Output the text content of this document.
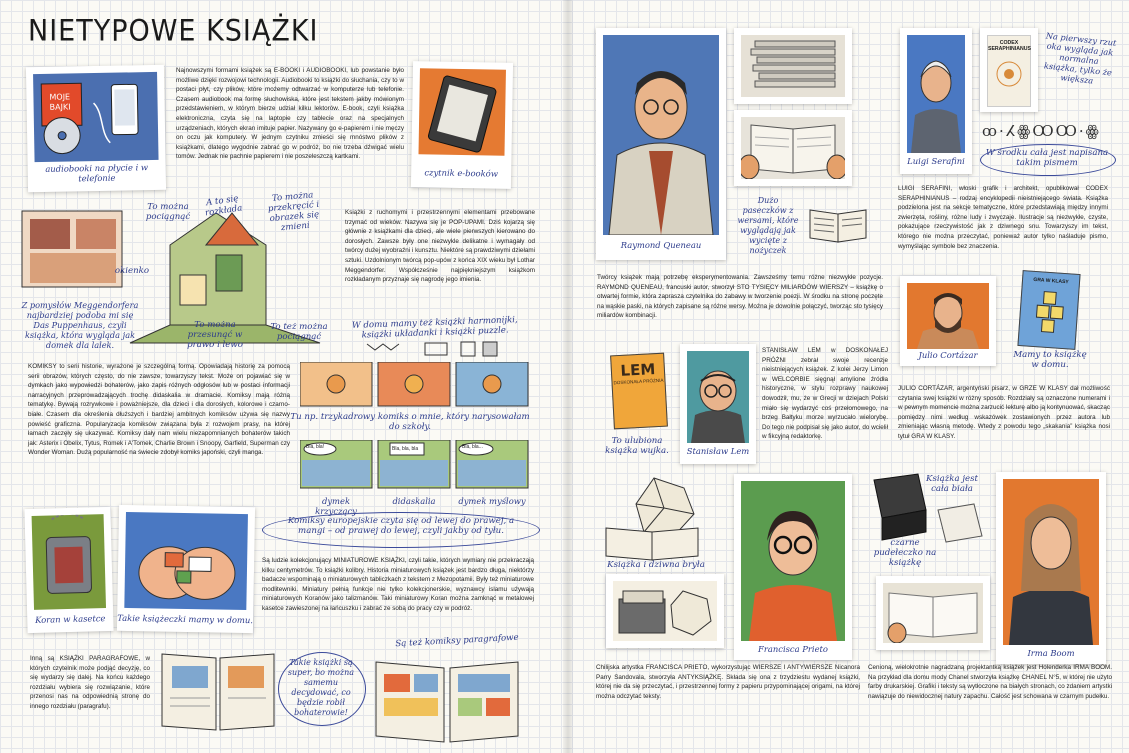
NIETYPOWE KSIĄŻKI
MOJE
BAJKI
audiobooki na płycie i w telefonie
Najnowszymi formami książek są E-BOOKI i AUDIOBOOKI, lub powstanie było możliwe dzięki rozwojowi technologii. Audiobooki to książki do słuchania, czy to w postaci płyt, czy plików, które możemy odtwarzać w komputerze lub telefonie. Czasem audiobook ma formę słuchowiska, które jest tekstem jakby mówionym przedstawieniem, w którym bierze udział kilku lektorów. E-book, czyli książka elektroniczna, czyta się na laptopie czy tablecie oraz na specjalnych urządzeniach, których ekran imituje papier. Nazywany go e-papierem i nie męczy on oczu jak komputery. W jednym czytniku zmieści się mnóstwo plików z książkami, dlatego wygodnie zabrać go w podróż, bo nie trzeba dźwigać wielu tomów. Jednak nie pachnie papierem i nie poszeleszczą kartkami.
czytnik e-booków
To można pociągnąć
A to się rozkłada
To można przekręcić i obrazek się zmieni
okienko
To można przesunąć w prawo i lewo
To też można pociągnąć
Z pomysłów Meggendorfera najbardziej podoba mi się Das Puppenhaus, czyli książka, która wygląda jak domek dla lalek.
Książki z ruchomymi i przestrzennymi elementami przebowane trzymać od wieków. Nazywa się je POP-UPAMI. Dziś kojarzą się głównie z książkami dla dzieci, ale wiele pierwszych kierowano do dorosłych. Zawsze były one niezwykle delikatne i wymagały od twórcy dużej wyobraźni i kunsztu. Niektóre są prawdziwymi dziełami sztuki. Uzdolnionym twórcą pop-upów z końca XIX wieku był Lothar Meggendorfer. Współcześnie najpiękniejszym książkom rozkładanym przyznaje się nagrodę jego imienia.
W domu mamy też książki harmonijki, książki układanki i książki puzzle.
KOMIKSY to serii historie, wyrażone je szczególną formą. Opowiadają historię za pomocą serii obrazów, których często, do nie zawsze, towarzyszy tekst. Może on pojawiać się w dymkach jako wypowiedzi bohaterów, jako zapis różnych odgłosów lub w postaci informacji narracyjnych przeprowadzających trochę didaskalia w dramacie. Komiksy mają różną tematykę. Bywają rozrywkowe i poważniejsze, dla dzieci i dla dorosłych, kolorowe i czarno-białe. Czasem dla określenia dłuższych i bardziej ambitnych komiksów używa się nazwy powieść graficzna. Popularyzacja komiksów związana była z rozwojem prasy, na której łamach zaczęły się ukazywać. Komiksy dały nam wielu niezapomnianych bohaterów takich jak: Asterix i Obelix, Tytus, Romek i A'Tomek, Charlie Brown i Snoopy, Garfield, Superman czy Wonder Woman. Dużą popularność na świecie zdobył komiks japoński, czyli manga.
Tu np. trzykadrowy komiks o mnie, który narysowałam do szkoły.
Bla, bla!	Bla, bla, bla	Bla, bla...
dymek krzyczący
didaskalia	dymek myślowy
Komiksy europejskie czyta się od lewej do prawej, a mangi – od prawej do lewej, czyli jakby od tyłu.
Koran w kasetce	Takie książeczki mamy w domu.
Są ludzie kolekcjonujący MINIATUROWE KSIĄŻKI, czyli takie, których wymiary nie przekraczają kilku centymetrów. To książki kolibry. Historia miniaturowych książek jest bardzo długa, niektórzy badacze wspominają o miniaturowych tabliczkach z tekstem z Mezopotamii. Były też miniaturowe modlitewniki. Miniatury pełnią funkcje nie tylko kolekcjonerskie, wyznawcy islamu używają miniaturowych Koranów jako talizmanów. Taki miniaturowy Koran można zamknąć w metalowej kasetce zawieszonej na łańcuszku i zabrać ze sobą do pracy czy w podróż.
Inną są KSIĄŻKI PARAGRAFOWE, w których czytelnik może podjąć decyzję, co się wydarzy się dalej. Na końcu każdego rozdziału wybiera się rozwiązanie, które przenosi nas na odpowiednią stronę do innego rozdziału (paragrafu).
Takie książki są super, bo można samemu decydować, co będzie robił bohaterowie!
Są też komiksy paragrafowe
Raymond Queneau
Dużo paseczków z wersami, które wyglądają jak wycięte z nożyczek
Luigi Serafini
CODEX SERAPHINIANUS
Na pierwszy rzut oka wygląda jak normalna książka, tylko że większa
ꝏ·ⵃꙮꝎꝎ·ꙮ
W środku cała jest napisana takim pismem
LUIGI SERAFINI, włoski grafik i architekt, opublikował CODEX SERAPHINIANUS – rodzaj encyklopedii nieistniejącego świata. Książka podzielona jest na sekcje tematyczne, które przedstawiają między innymi zwierzęta, rośliny, różne ludy i zwyczaje. Ilustracje są niezwykłe, czyste, pokazujące rzeczywistość jak z dziwnego snu. Towarzyszy im tekst, którego nie można przeczytać, ponieważ autor tylko naśladuje pismo, wymyślając symbole bez znaczenia.
Twórcy książek mają potrzebę eksperymentowania. Zawsześmy temu różne niezwykłe pozycje. RAYMOND QUENEAU, francuski autor, stworzył STO TYSIĘCY MILIARDÓW WIERSZY – książkę o otwartej formie, która zaprasza czytelnika do zabawy w tworzenie poezji. W środku na stronę poczęte na wąskie paski, na których zapisane są różne wersy. Można je dowolnie połączyć, tworząc sto tysięcy miliardów kombinacji.
Julio Cortázar
GRA W KLASY
Mamy to książkę w domu.
JULIO CORTÁZAR, argentyński pisarz, w GRZE W KLASY dał możliwość czytania swej książki w różny sposób. Rozdziały są oznaczone numerami i w pewnym momencie można zarzucić lekturę albo ją kontynuować, skacząc pomiędzy nimi według wskazówek zostawionych przez autora lub zmieniając własną metodę. Wtedy z powodu tego „skakania” książka nosi tytuł GRA W KLASY.
LEM
DOSKONAŁA PRÓŻNIA
To ulubiona książka wujka.	Stanisław Lem
STANISŁAW LEM w DOSKONAŁEJ PRÓŻNI zebrał swoje recenzje nieistniejących książek. Z kolei Jerzy Limon w WELCORBIE sięgnął amylione źródła historyczne, w stylu rozprawy naukowej dowodził, mu, że w Grecji w dziejach Polski miało się wydarzyć coś przełomowego, na brzeg Bałtyku morze wyrzucało wielorybę. Do tego nie podpisał się jako autor, do wcielił w fikcyjną redaktorkę.
Książka i dziwna bryła
Francisca Prieto
Chilijska artystka FRANCISCA PRIETO, wykorzystując WIERSZE I ANTYWIERSZE Nicanora Parry Sandovala, stworzyła ANTYKSIĄŻKĘ. Składa się ona z trzydziestu wydanej książki, której nie da się przeczytać, i przestrzennej formy z papieru przypominającej origami, na której można odczytać teksty.
Książka jest cała biała
czarne pudełeczko na książkę
Irma Boom
Cenioną, wielokrotnie nagradzaną projektantką książek jest Holenderka IRMA BOOM. Na przykład dla domu mody Chanel stworzyła książkę CHANEL N°5, w której nie użyto farby drukarskiej. Grafiki i teksty są wytłoczone na białych stronach, co zdaniem artystki nawiązuje do niewidocznej natury zapachu. Całość jest schowana w czarnym pudełku.
